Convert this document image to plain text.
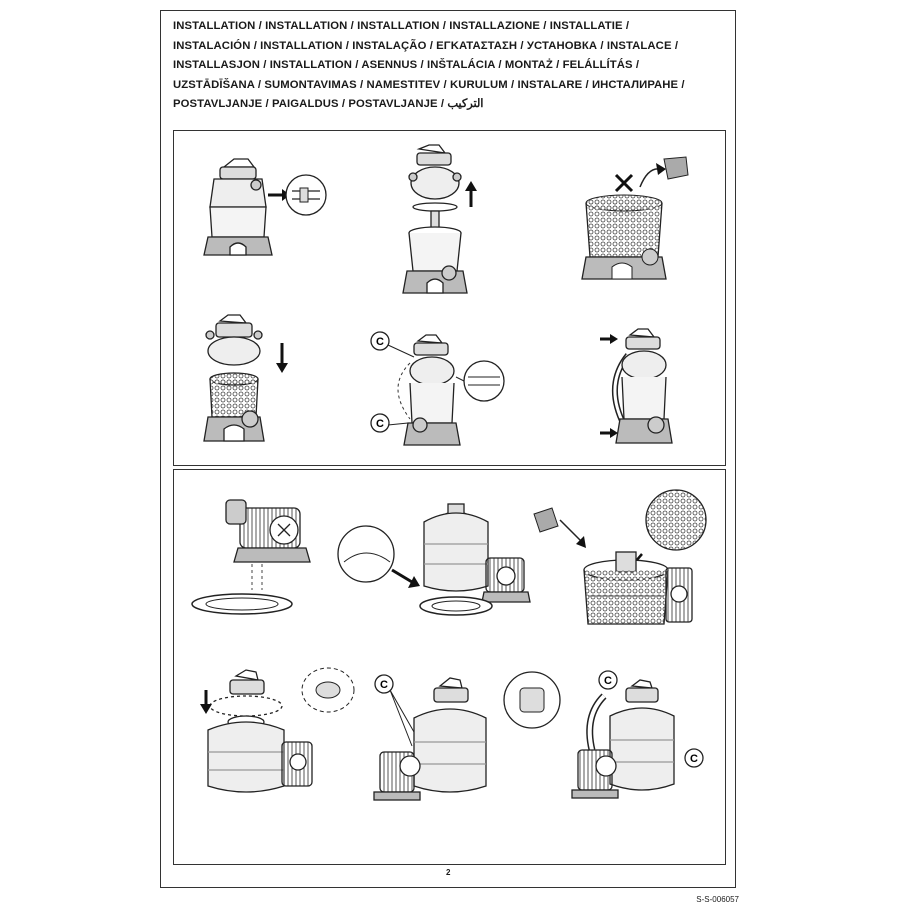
INSTALLATION / INSTALLATION / INSTALLATION / INSTALLAZIONE / INSTALLATIE /
INSTALACIÓN / INSTALLATION / INSTALAÇÃO / ΕΓΚΑΤΑΣΤΑΣΗ / УСТАНОВКА / INSTALACE /
INSTALLASJON / INSTALLATION / ASENNUS / INŠTALÁCIA / MONTAŻ / FELÁLLÍTÁS /
UZSTĀDĪŠANA / SUMONTAVIMAS / NAMESTITEV / KURULUM / INSTALARE / ИНСТАЛИРАНЕ /
POSTAVLJANJE / PAIGALDUS / POSTAVLJANJE / التركيب
C
C
C	C
C
2
S-S-006057
